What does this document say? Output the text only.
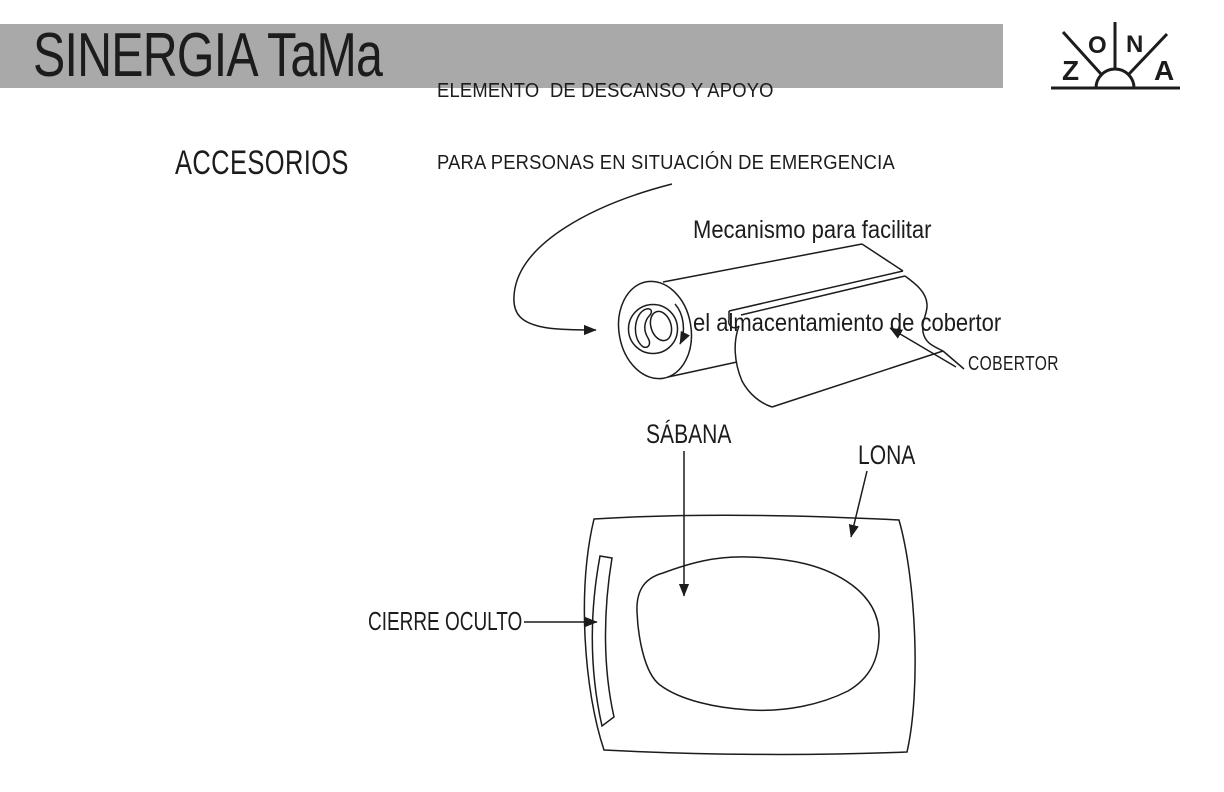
SINERGIA TaMa

ELEMENTO  DE DESCANSO Y APOYO

PARA PERSONAS EN SITUACIÓN DE EMERGENCIA

Z
O N
A
ACCESORIOS

Mecanismo para facilitar

el almacentamiento de cobertor

COBERTOR
SÁBANA
LONA
CIERRE OCULTO
